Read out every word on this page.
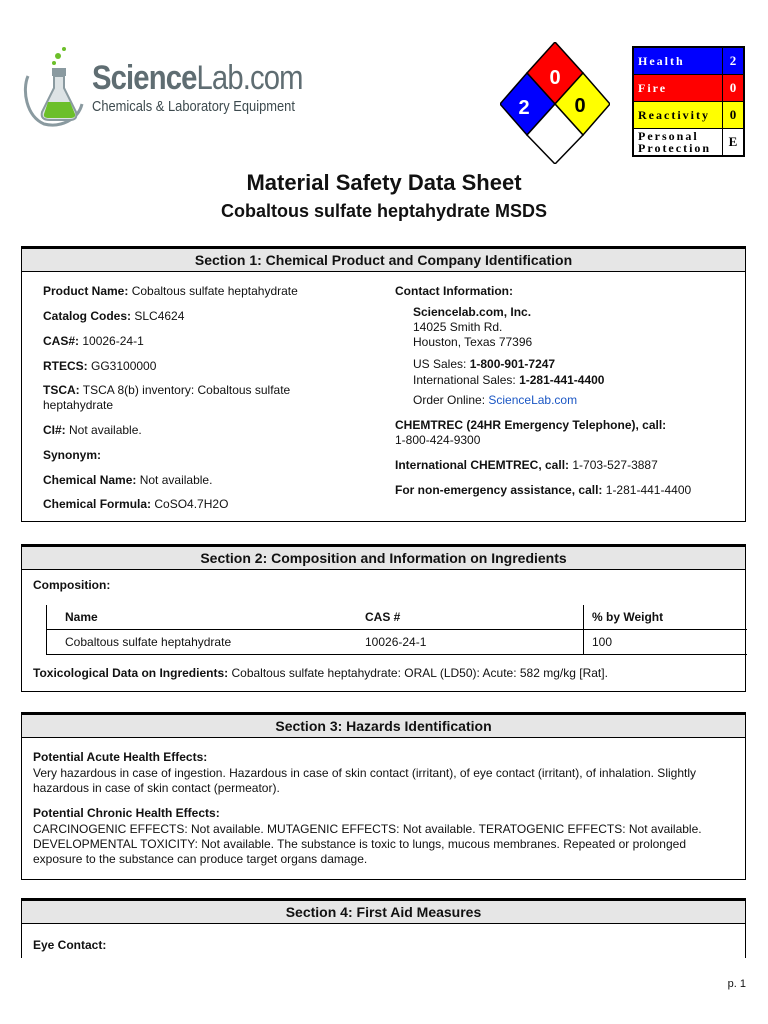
ScienceLab.com
Chemicals & Laboratory Equipment
0
2 0
Health	2
Fire	0
Reactivity	0
Personal
Protection	E
Material Safety Data Sheet
Cobaltous sulfate heptahydrate MSDS
Section 1: Chemical Product and Company Identification
Product Name: Cobaltous sulfate heptahydrate
Catalog Codes: SLC4624
CAS#: 10026-24-1
RTECS: GG3100000
TSCA: TSCA 8(b) inventory: Cobaltous sulfate
heptahydrate
CI#: Not available.
Synonym:
Chemical Name: Not available.
Chemical Formula: CoSO4.7H2O
Contact Information:
Sciencelab.com, Inc.
14025 Smith Rd.
Houston, Texas 77396
US Sales: 1-800-901-7247
International Sales: 1-281-441-4400
Order Online: ScienceLab.com
CHEMTREC (24HR Emergency Telephone), call:
1-800-424-9300
International CHEMTREC, call: 1-703-527-3887
For non-emergency assistance, call: 1-281-441-4400
Section 2: Composition and Information on Ingredients
Composition:
Name	CAS #	% by Weight
Cobaltous sulfate heptahydrate	10026-24-1	100
Toxicological Data on Ingredients: Cobaltous sulfate heptahydrate: ORAL (LD50): Acute: 582 mg/kg [Rat].
Section 3: Hazards Identification
Potential Acute Health Effects:
Very hazardous in case of ingestion. Hazardous in case of skin contact (irritant), of eye contact (irritant), of inhalation. Slightly
hazardous in case of skin contact (permeator).
Potential Chronic Health Effects:
CARCINOGENIC EFFECTS: Not available. MUTAGENIC EFFECTS: Not available. TERATOGENIC EFFECTS: Not available.
DEVELOPMENTAL TOXICITY: Not available. The substance is toxic to lungs, mucous membranes. Repeated or prolonged
exposure to the substance can produce target organs damage.
Section 4: First Aid Measures
Eye Contact:
p. 1
